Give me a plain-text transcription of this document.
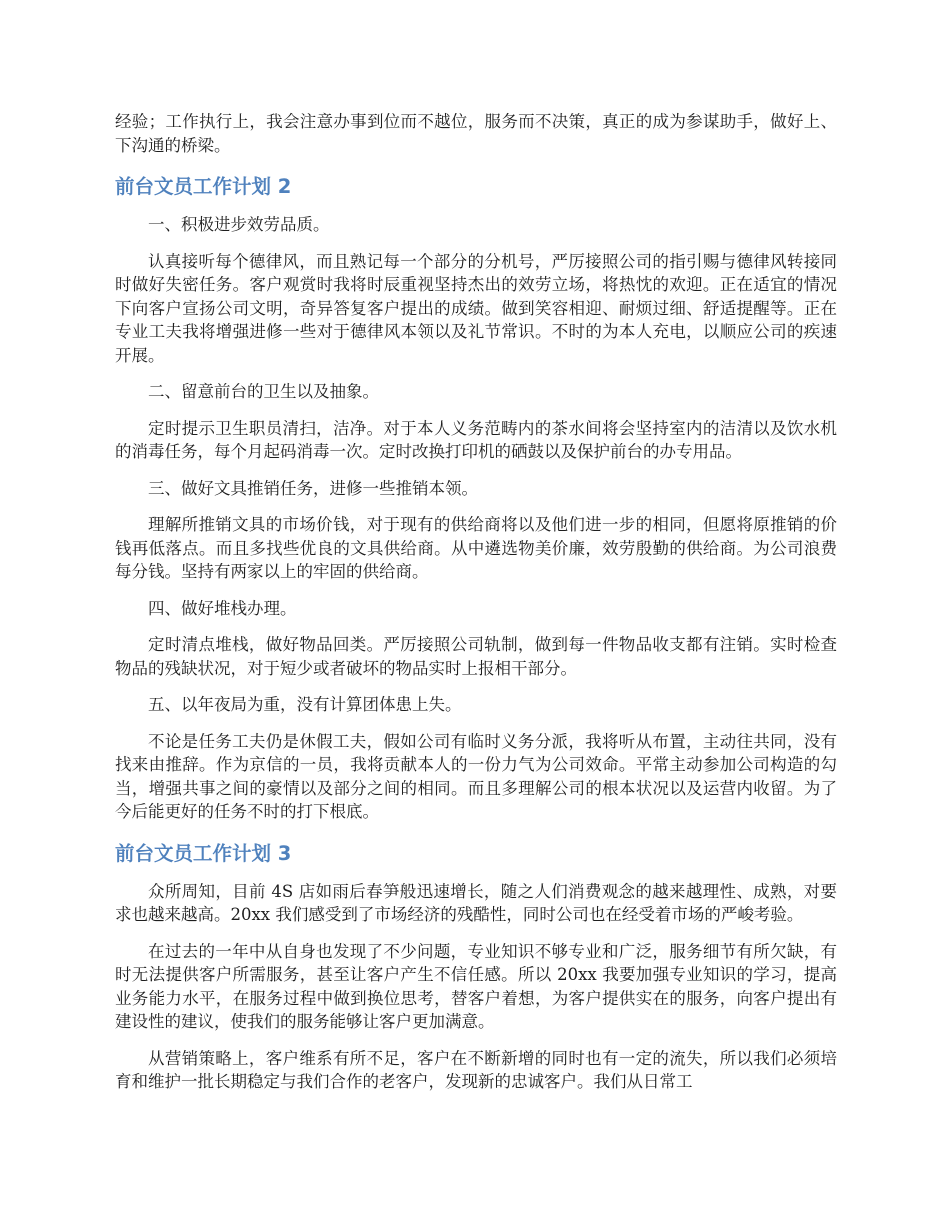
经验；工作执行上，我会注意办事到位而不越位，服务而不决策，真正的成为参谋助手，做好上、下沟通的桥梁。

前台文员工作计划 2

一、积极进步效劳品质。

认真接听每个德律风，而且熟记每一个部分的分机号，严厉接照公司的指引赐与德律风转接同时做好失密任务。客户观赏时我将时辰重视坚持杰出的效劳立场，将热忱的欢迎。正在适宜的情况下向客户宣扬公司文明，奇异答复客户提出的成绩。做到笑容相迎、耐烦过细、舒适提醒等。正在专业工夫我将增强进修一些对于德律风本领以及礼节常识。不时的为本人充电，以顺应公司的疾速开展。

二、留意前台的卫生以及抽象。

定时提示卫生职员清扫，洁净。对于本人义务范畴内的茶水间将会坚持室内的洁清以及饮水机的消毒任务，每个月起码消毒一次。定时改换打印机的硒鼓以及保护前台的办专用品。

三、做好文具推销任务，进修一些推销本领。

理解所推销文具的市场价钱，对于现有的供给商将以及他们进一步的相同，但愿将原推销的价钱再低落点。而且多找些优良的文具供给商。从中遴选物美价廉，效劳殷勤的供给商。为公司浪费每分钱。坚持有两家以上的牢固的供给商。

四、做好堆栈办理。

定时清点堆栈，做好物品回类。严厉接照公司轨制，做到每一件物品收支都有注销。实时检查物品的残缺状况，对于短少或者破坏的物品实时上报相干部分。

五、以年夜局为重，没有计算团体患上失。

不论是任务工夫仍是休假工夫，假如公司有临时义务分派，我将听从布置，主动往共同，没有找来由推辞。作为京信的一员，我将贡献本人的一份力气为公司效命。平常主动参加公司构造的勾当，增强共事之间的豪情以及部分之间的相同。而且多理解公司的根本状况以及运营内收留。为了今后能更好的任务不时的打下根底。

前台文员工作计划 3

众所周知，目前 4S 店如雨后春笋般迅速增长，随之人们消费观念的越来越理性、成熟，对要求也越来越高。20xx 我们感受到了市场经济的残酷性，同时公司也在经受着市场的严峻考验。

在过去的一年中从自身也发现了不少问题，专业知识不够专业和广泛，服务细节有所欠缺，有时无法提供客户所需服务，甚至让客户产生不信任感。所以 20xx 我要加强专业知识的学习，提高业务能力水平，在服务过程中做到换位思考，替客户着想，为客户提供实在的服务，向客户提出有建设性的建议，使我们的服务能够让客户更加满意。

从营销策略上，客户维系有所不足，客户在不断新增的同时也有一定的流失，所以我们必须培育和维护一批长期稳定与我们合作的老客户，发现新的忠诚客户。我们从日常工
